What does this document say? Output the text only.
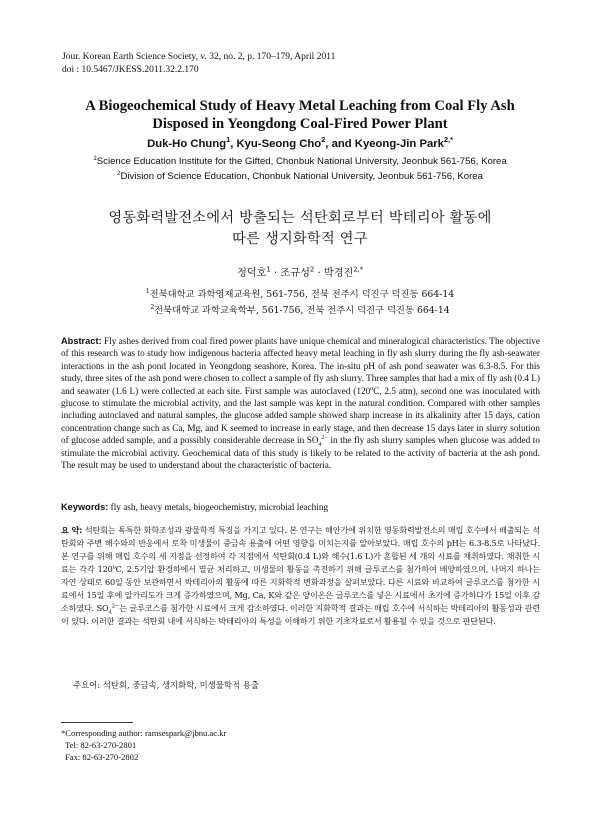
Jour. Korean Earth Science Society, v. 32, no. 2, p. 170–179, April 2011
doi : 10.5467/JKESS.2011.32.2.170
A Biogeochemical Study of Heavy Metal Leaching from Coal Fly Ash
Disposed in Yeongdong Coal-Fired Power Plant
Duk-Ho Chung$^1$, Kyu-Seong Cho$^2$, and Kyeong-Jin Park$^{2,*}$
$^1$Science Education Institute for the Gifted, Chonbuk National University, Jeonbuk 561-756, Korea
$^2$Division of Science Education, Chonbuk National University, Jeonbuk 561-756, Korea
영동화력발전소에서 방출되는 석탄회로부터 박테리아 활동에
따른 생지화학적 연구
정덕호$^1$ · 조규성$^2$ · 박경진$^{2,*}$
$^1$전북대학교 과학영재교육원, 561-756, 전북 전주시 덕진구 덕진동 664-14
$^2$전북대학교 과학교육학부, 561-756, 전북 전주시 덕진구 덕진동 664-14
Abstract: Fly ashes derived from coal fired power plants have unique chemical and mineralogical characteristics. The objective of this research was to study how indigenous bacteria affected heavy metal leaching in fly ash slurry during the fly ash-seawater interactions in the ash pond located in Yeongdong seashore, Korea. The in-situ pH of ash pond seawater was 6.3-8.5. For this study, three sites of the ash pond were chosen to collect a sample of fly ash slurry. Three samples that had a mix of fly ash (0.4 L) and seawater (1.6 L) were collected at each site. First sample was autoclaved (120$^o$C, 2.5 atm), second one was inoculated with glucose to stimulate the microbial activity, and the last sample was kept in the natural condition. Compared with other samples including autoclaved and natural samples, the glucose added sample showed sharp increase in its alkalinity after 15 days, cation concentration change such as Ca, Mg, and K seemed to increase in early stage, and then decrease 15 days later in slurry solution of glucose added sample, and a possibly considerable decrease in $SO_4^{2-}$ in the fly ash slurry samples when glucose was added to stimulate the microbial activity. Geochemical data of this study is likely to be related to the activity of bacteria at the ash pond. The result may be used to understand about the characteristic of bacteria.
Keywords: fly ash, heavy metals, biogeochemistry, microbial leaching
요 약: 석탄회는 독특한 화학조성과 광물학적 특징을 가지고 있다. 본 연구는 해안가에 위치한 영동화력발전소의 매립 호수에서 배출되는 석탄회와 주변 해수와의 반응에서 토착 미생물이 중금속 용출에 어떤 영향을 미치는지를 알아보았다. 매립 호수의 pH는 6.3-8.5로 나타났다. 본 연구를 위해 매립 호수의 세 지점을 선정하여 각 지점에서 석탄회(0.4 L)와 해수(1.6 L)가 혼합된 세 개의 시료를 채취하였다. 채취한 시료는 각각 120$^o$C, 2.5기압 환경하에서 멸균 처리하고, 미생물의 활동을 촉진하기 위해 글루코스를 첨가하여 배양하였으며, 나머지 하나는 자연 상태로 60일 동안 보관하면서 박테리아의 활동에 따른 지화학적 변화과정을 살펴보았다. 다른 시료와 비교하여 글루코스를 첨가한 시료에서 15일 후에 알카리도가 크게 증가하였으며, Mg, Ca, K와 같은 양이온은 글루코스를 넣은 시료에서 초기에 증가하다가 15일 이후 감소하였다. $SO_4^{2-}$는 글루코스를 첨가한 시료에서 크게 감소하였다. 이러한 지화학적 결과는 매립 호수에 서식하는 박테리아의 활동성과 관련이 있다. 이러한 결과는 석탄회 내에 서식하는 박테리아의 특성을 이해하기 위한 기초자료로서 활용될 수 있을 것으로 판단된다.
주요어: 석탄회, 중금속, 생지화학, 미생물학적 용출
*Corresponding author: ramsespark@jbnu.ac.kr
Tel: 82-63-270-2801
Fax: 82-63-270-2802
